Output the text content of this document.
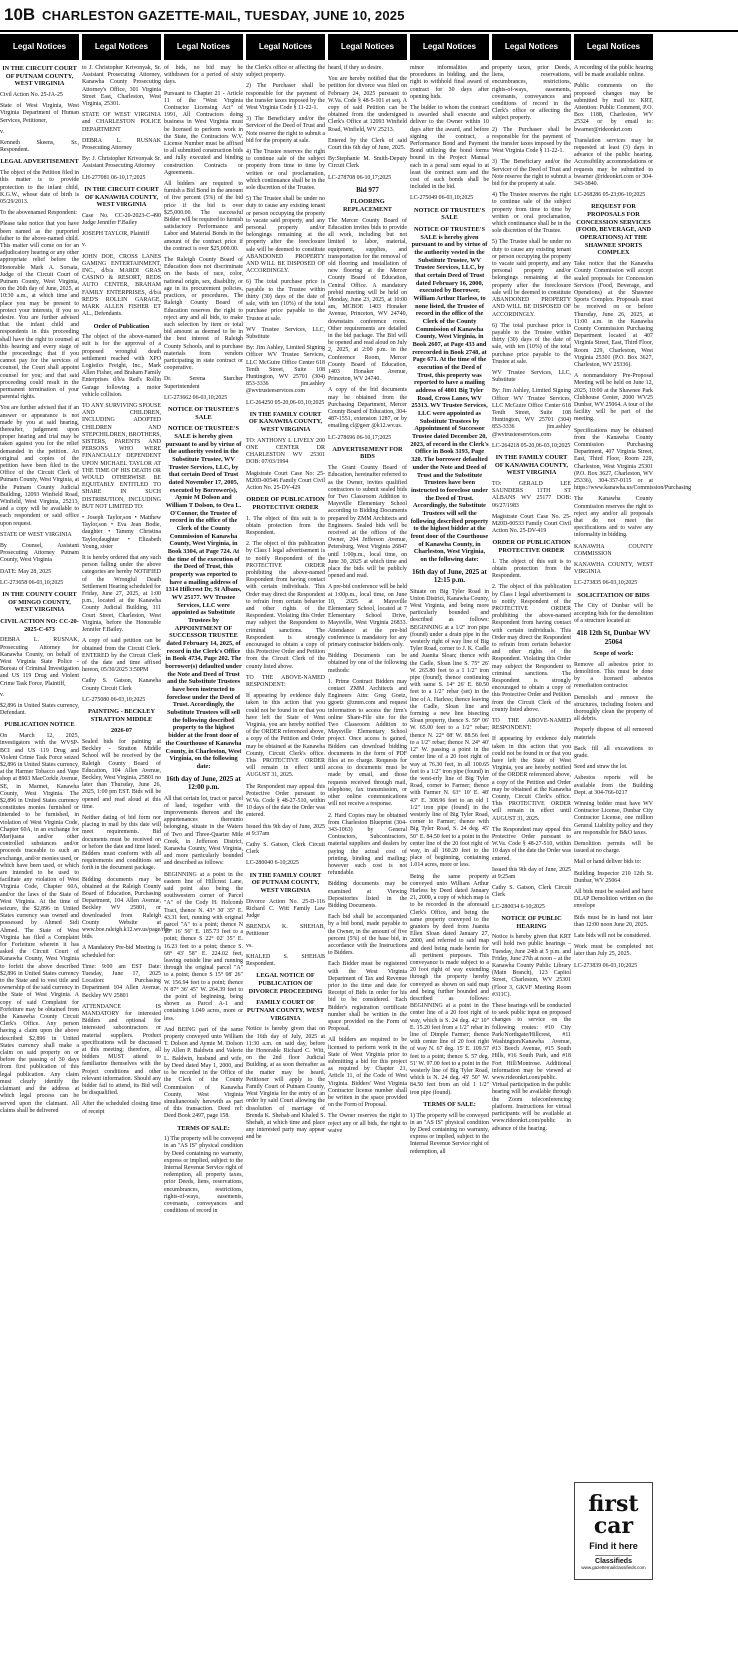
10B CHARLESTON GAZETTE-MAIL, TUESDAY, JUNE 10, 2025
Legal Notices

IN THE CIRCUIT COURT OF PUTNAM COUNTY, WEST VIRGINIA

Civil Action No. 25-JA-25

State of West Virginia, West Virginia Department of Human Services, Petitioner,

v.

Kenneth Skeens, Sr., Respondent.

LEGAL ADVERTISEMENT

The object of the Petition filed in this matter is to provide protection to the infant child, K.G.W., whose date of birth is 05/29/2013.

To the abovenamed Respondent:

Please take notice that you have been named as the purported father to the above-named child. This matter will come on for an adjudicatory hearing or any other appropriate relief before the Honorable Mark A. Sorsaia, Judge of the Circuit Court of Putnam County, West Virginia, on the 26th day of June, 2025, at 10:30 a.m., at which time and place you may be present to protect your interests, if you so desire. You are further advised that the infant child and respondents in this proceeding shall have the right to counsel at this hearing and every stage of the proceedings; that if you cannot pay for the services of counsel, the Court shall appoint counsel for you; and that said proceeding could result in the permanent termination of your parental rights.

You are further advised that if an answer or appearance is not made by you at said hearing, thereafter, judgement upon proper hearing and trial may be taken against you for the relief demanded in the petition. An original and copies of the petition have been filed in the Office of the Circuit Clerk of Putnam County, West Virginia, at the Putnam County Judicial Building, 12093 Winfield Road, Winfield, West Virginia, 25213, and a copy will be available to each respondent or said office upon request.

STATE OF WEST VIRGINIA

By Counsel, Assistant Prosecuting Attorney Putnam County, West Virginia

DATE: May 28, 2025

LC-273658 06-03,10;2025

IN THE COUNTY COURT OF MINGO COUNTY, WEST VIRGINIA

CIVIL ACTION NO: CC-20-2025-C-673

DEBRA L. RUSNAK, Prosecuting Attorney for Kanawha County, on behalf of West Virginia State Police - Bureau of Criminal Investigation and US 119 Drug and Violent Crime Task Force, Plaintiff,

v.

$2,896 in United States currency, Defendant.

PUBLICATION NOTICE

On March 12, 2025, investigators with the WVSP-BCI and US 119 Drug and Violent Crime Task Force seized $2,896 in United States currency, at the Harmer Tobacco and Vape shop at 8903 MacCorkle Avenue, SE, in Marmet, Kanawha County, West Virginia. The $2,896 in United States currency constitutes monies furnished or intended to be furnished, in violation of West Virginia Code, Chapter 60A, in an exchange for Marijuana and/or other controlled substances and/or proceeds traceable to such an exchange, and/or monies used, or which have been used, or which are intended to be used to facilitate any violation of West Virginia Code, Chapter 60A, and/or the laws of the State of West Virginia. At the time of seizure, the $2,896 in United States currency was owned and possessed by Ahmed Sidi Ahmed. The State of West Virginia has filed a Complaint for Forfeiture wherein it has asked the Circuit Court of Kanawha County, West Virginia to forfeit the above described $2,896 in United States currency to the State and to vest title and ownership of the said currency in the State of West Virginia. A copy of said Complaint for Forfeiture may be obtained from the Kanawha County Circuit Clerk's Office. Any person having a claim upon the above described $2,896 in United States currency shall make a claim on said property on or before the passing of 30 days from first publication of this legal publication. Any claim must clearly identify the claimant and the address at which legal process can be served upon the claimant. All claims shall be delivered

Legal Notices

to J. Christopher Krivonyak, Sr. Assistant Prosecuting Attorney, Kanawha County Prosecuting Attorney's Office, 301 Virginia Street East, Charleston, West Virginia, 25301.

STATE OF WEST VIRGINIA and CHARLESTON POLICE DEPARTMENT

DEBRA L. RUSNAK Prosecuting Attorney

By: J. Christopher Krivonyak Sr. Assistant Prosecuting Attorney

LH-277081 06-10,17;2025

IN THE CIRCUIT COURT OF KANAWHA COUNTY, WEST VIRGINIA

Case No. CC-20-2023-C-490 Judge Jennifer F.Bailey

JOSEPH TAYLOR, Plaintiff

v.

JOHN DOE, CROSS LANES GAMING ENTERTAINMENT, INC., d/b/a MARDI GRAS CASINO & RESORT, REDS AUTO CENTER, BRAHAM FAMILY ENTERPRISES, d/b/a RED'S ROLLIN GARAGE, MARK ALLEN FISHER ET AL., Defendants.

Order of Publication

The object of the above-named suit is for the approval of a proposed wrongful death settlement reached with XPO Logistics Freight, Inc., Mark Allen Fisher, and Braham Family Enterprises d/b/a Red's Rollin Garage following a motor vehicle collision.

TO ANY SURVIVING SPOUSE AND CHILDREN, INCLUDING ADOPTED CHILDREN AND STEPCHILDREN, BROTHERS, SISTERS, PARENTS AND PERSONS WHO WERE FINANCIALLY DEPENDENT UPON MICHAEL TAYLOR AT THE TIME OF HIS DEATH OR WOULD OTHERWISE BE EQUITABLY ENTITLED TO SHARE IN SUCH DISTRIBUTION, INCLUDING BUT NOT LIMITED TO:

• Joseph Taylor,son • Matthew Taylor,son • Eva Jean Bodie, daughter • Tammy Christina Taylor,daughter • Elizabeth Young, sister

It is hereby ordered that any such person falling under the above categories are hereby NOTIFIED of the Wrongful Death Settlement Hearing scheduled for Friday, June 27, 2025, at 1:00 p.m., located at the Kanawha County Judicial Building, 111 Court Street, Charleston, West Virginia, before the Honorable Jennifer F.Bailey.

A copy of said petition can be obtained from the Circuit Clerk. ENTERED by the Circuit Clerk of the date and time affixed hereon, 05/30/2025 3:50PM

Cathy S. Gatson, Kanawha County Circuit Clerk

LC-275080 06-03,10;2025

PAINTING - BECKLEY STRATTON MIDDLE

2026-07

Sealed bids for painting at Beckley - Stratton Middle School will be received by the Raleigh County Board of Education, 104 Allen Avenue, Beckley, West Virginia, 25801 no later than Thursday, June 26, 2025, 1:00 pm EST. Bids will be opened and read aloud at this time.

Neither dating of bid form nor placing in mail by this date will meet requirements. Bid documents must be received on or before the date and time listed. Bidders must conform with all requirements and conditions set forth in the document package.

Bidding documents may be obtained at the Raleigh County Board of Education, Purchasing Department, 104 Allen Avenue, Beckley WV 25801, or downloaded from Raleigh County Website at www.boe.raleigh.k12.wv.us/page/rfp-bids.

A Mandatory Pre-bid Meeting is scheduled for:

Time: 9:00 am EST Date: Tuesday, June 17, 2025 Location: Purchasing Department 104 Allen Avenue, Beckley WV 25801

ATTENDANCE IS MANDATORY for interested Bidders and optional for interested subcontractors or material suppliers. Product specifications will be discussed at this meeting; therefore, all bidders MUST attend to familiarize themselves with the Project conditions and other relevant information. Should any bidder fail to attend, its Bid will be disqualified.

After the scheduled closing time of receipt

Legal Notices

of bids, no bid may be withdrawn for a period of sixty days.

Pursuant to Chapter 21 - Article 11 of the "West Virginia Contractor Licensing Act" of 1991, All Contractors doing business in West Virginia must be licensed to perform work in the State, the Contractors W.V. License Number must be affixed to all submitted construction bids and fully executed and binding construction Contracts or Agreements.

All bidders are required to furnish a Bid Bond in the amount of five percent (5%) of the bid price if the bid is over $25,000.00. The successful Bidder will be required to furnish satisfactory Performance and Labor and Material Bonds in the amount of the contract price if the contract is over $25,000.00.

The Raleigh County Board of Education does not discriminate on the basis of race, color, national origin, sex, disability, or age in its procurement policies, practices, or procedures. The Raleigh County Board of Education reserves the right to reject any and all bids, to make such selection by item or total bid amount as deemed to be in the best interest of Raleigh County Schools, and to purchase materials from vendors participating in state contract or cooperative.

Dr. Serena Starcher Superintendent

LC-273662 06-03,10;2025

NOTICE OF TRUSTEE'S SALE

NOTICE OF TRUSTEE'S SALE is hereby given pursuant to and by virtue of the authority vested in the Substitute Trustee, WV Trustee Services, LLC, by that certain Deed of Trust dated November 17, 2005, executed by Borrower(s), Aymie M Dolson and William T Dolson, to Ora L. O'Connor, the Trustee of record in the office of the Clerk of the County Commission of Kanawha County, West Virginia, in Book 3304, at Page 724. At the time of the execution of the Deed of Trust, this property was reported to have a mailing address of 1314 Hillcrest Dr, St Albans, WV 25177. WV Trustee Services, LLC were appointed as Substitute Trustees by APPOINTMENT OF SUCCESSOR TRUSTEE dated February 14, 2025, of record in the Clerk's Office in Book 4734, Page 202. The borrower(s) defaulted under the Note and Deed of Trust and the Substitute Trustees have been instructed to foreclose under the Deed of Trust. Accordingly, the Substitute Trustees will sell the following described property to the highest bidder at the front door of the Courthouse of Kanawha County, in Charleston, West Virginia, on the following date:

16th day of June, 2025 at 12:00 p.m.

All that certain lot, tract or parcel of land, together with the improvements thereon and the appurtenances thereunto belonging, situate in the Waters of Two and Three-Quarter Mile Creek, in Jefferson District, Kanawha County, West Virginia, and more particularly bounded and described as follows:

BEGINNING at a point in the eastern line of Hillcrest Lane, said point also being the southwestern corner of Parcel "A" of the Cody H. Holcomb Tract, thence N. 43° 30' 35" E. 43.31 feet, running with original parcel "A" to a point; thence N 19° 16' 56" E. 185.73 feet to a point; thence S 22° 02' 35" E. 16.23 feet to a point; thence S. 68° 43' 58" E. 224.02 feet, leaving outside line and running through the original parcel "A" to a point; thence S 15° 08' 26" W. 156.94 feet to a point; thence N 87° 36' 45" W. 264.39 feet to the point of beginning, being shown as Parcel A-1 and containing 1.049 acres, more or less.

And BEING part of the same property conveyed unto William T. Dolson and Aymie M. Dolson by Allen P. Baldwin and Valerie L. Baldwin, husband and wife, by Deed dated May 1, 2000, and to be recorded in the Office of the Clerk of the County Commission of Kanawha County, West Virginia simultaneously herewith as part of this transaction. Deed ref: Deed Book 2497, page 158.

TERMS OF SALE:

1) The property will be conveyed in an "AS IS" physical condition by Deed containing no warranty, express or implied, subject to the Internal Revenue Service right of redemption, all property taxes, prior Deeds, liens, reservations, encumbrances, restrictions, rights-of-ways, easements, covenants, conveyances and conditions of record in

Legal Notices

the Clerk's office or affecting the subject property.

2) The Purchaser shall be responsible for the payment of the transfer taxes imposed by the West Virginia Code § 11-22-1.

3) The Beneficiary and/or the Servicer of the Deed of Trust and Note reserve the right to submit a bid for the property at sale.

4) The Trustee reserves the right to continue sale of the subject property from time to time by written or oral proclamation, which continuance shall be in the sole discretion of the Trustee.

5) The Trustee shall be under no duty to cause any existing tenant or person occupying the property to vacate said property, and any personal property and/or belongings remaining at the property after the foreclosure sale will be deemed to constitute ABANDONED PROPERTY AND WILL BE DISPOSED OF ACCORDINGLY.

6) The total purchase price is payable to the Trustee within thirty (30) days of the date of sale, with ten (10%) of the total purchase price payable to the Trustee at sale.

WV Trustee Services, LLC, Substitute

By: Jim Ashley, Limited Signing Officer WV Trustee Services, LLC McGuire Office Center 618 Tenth Street, Suite 108 Huntington, WV 25701 (304) 853-3336 jim.ashley @wvtrusteeservices.com

LC-264250 05-20,06-03,10;2025

IN THE FAMILY COURT OF KANAWHA COUNTY, WEST VIRGINIA

TO: ANTHONY L LIVELY 200 ONE CENTER DR CHARLESTON WV 25301 DOB: 07/03/1994

Magistrate Court Case No: 25-M20D-00546 Family Court Civil Action No. 25-DV-429

ORDER OF PUBLICATION PROTECTIVE ORDER

1. The object of this suit is to obtain protection from the Respondent.

2. The object of this publication by Class I legal advertisement is to notify Respondent of the PROTECTIVE ORDER prohibiting the above-named Respondent from having contact with certain individuals. This Order may direct the Respondent to refrain from certain behavior and other rights of the Respondent. Violating this Order may subject the Respondent to criminal sanctions. The Respondent is strongly encouraged to obtain a copy of this Protective Order and Petition from the Circuit Clerk of the county listed above.

TO THE ABOVE-NAMED RESPONDENT:

If appearing by evidence duly taken in this action that you could not be found in or that you have left the State of West Virginia, you are hereby notified of the ORDER referenced above, a copy of the Petition and Order may be obtained at the Kanawha County, Circuit Clerk's office. This PROTECTIVE ORDER will remain in effect until AUGUST 31, 2025.

The Respondent may appeal this Protective Order pursuant to W.Va. Code § 48-27-510, within 10 days of the date the Order was entered.

Issued this 9th day of June, 2025 at 9:37am

Cathy S. Gatson, Clerk Circuit Clerk

LC-280040 6-10;2025

IN THE FAMILY COURT OF PUTNAM COUNTY, WEST VIRGINIA

Divorce Action No. 25-D-116 Richard C. Witt Family Law Judge

BRENDA K. SHEHAB, Petitioner

vs.

KHALED S. SHEHAB Respondent.

LEGAL NOTICE OF PUBLICATION OF DIVORCE PROCEEDING

FAMILY COURT OF PUTNAM COUNTY, WEST VIRGINIA

Notice is hereby given that on the 16th day of July, 2025 at 11:30 a.m. on said day, before the Honorable Richard C. Witt, on the 2nd floor Judicial Building, at as soon thereafter as the matter may be heard, Petitioner will apply to the Family Court of Putnam County, West Virginia for the entry of an order by said Court allowing the dissolution of marriage of Brenda K. Shehab and Khaled S. Shehab, at which time and place any interested party may appear and be

Legal Notices

heard, if they so desire.

You are hereby notified that the petition for divorce was filed on February 24, 2025 pursuant to W.Va. Code § 48-5-101 et seq. A copy of said Petition can be obtained from the undersigned Clerk's Office at 12093 Winfield Road, Winfield, WV 25213.

Entered by the Clerk of said Court this 6th day of June, 2025.

By:Stephanie M. Smith-Deputy Circuit Clerk

LC-278708 06-10,17;2025

Bid 977

FLOORING REPLACEMENT

The Mercer County Board of Education invites bids to provide all work, including but not limited to labor, material, equipment, supplies, and transportation for the removal of old flooring and installation of new flooring at the Mercer County Board of Education, Central Office. A mandatory prebid meeting will be held on Monday, June 23, 2025, at 10:00 am, MCBOE 1403 Honaker Avenue, Princeton, WV 24740, downstairs conference room. Other requirements are detailed in the bid package. The Bid will be opened and read aloud on July 2, 2025, at 2:00 p.m. in the Conference Room, Mercer County Board of Education, 1403 Honaker Avenue, Princeton, WV 24740.

A copy of the bid documents may be obtained from the Purchasing Department, Mercer County Board of Education, 304-487-1551, extension 1287, or by emailing cl@geer @k12.wv.us.

LC-278696 06-10,17;2025

ADVERTISEMENT FOR BIDS

The Grant County Board of Education, hereinafter referred to as the Owner, invites qualified contractors to submit sealed bids for Two Classroom Addition to Maysville Elementary School according to Bidding Documents prepared by ZMM Architects and Engineers. Sealed bids will be received at the offices of the Owner, 204 Jefferson Avenue, Petersburg, West Virginia 26847 until 1:00p.m., local time, on June 30, 2025 at which time and place the bids will be publicly opened and read.

A pre-bid conference will be held at 1:00p.m., local time, on June 10, 2025 at Maysville Elementary School, located at 7 Elementary School Drive, Maysville, West Virginia 26833. Attendance at the pre-bid conference is mandatory for any primary contractor bidders only.

Bidding Documents can be obtained by one of the following methods:

1. Prime Contract Bidders may contact ZMM Architects and Engineers Attn: Greg Goetz, ggoetz @zmm.com and request information to access the firm's online Share-File site for the Two Classroom Addition to Maysville Elementary School project. Once access is gained, Bidders can download bidding documents in the form of PDF files at no charge. Requests for access to documents must be made by email, and those requests received through mail, telephone, fax transmission, or other online communications will not receive a response.

2. Hard Copies may be obtained from Charleston Blueprint (304-343-1063) by General Contractors, Subcontractors, material suppliers and dealers by paying the actual cost of printing, binding and mailing; however such cost is not refundable.

Bidding documents may be examined at Viewing Depositories listed in the Bidding Documents.

Each bid shall be accompanied by a bid bond, made payable to the Owner, in the amount of five percent (5%) of the base bid, in accordance with the Instructions to Bidders.

Each Bidder must be registered with the West Virginia Department of Tax and Revenue prior to the time and date for Receipt of Bids in order for his bid to be considered. Each Bidder's registration certificate number shall be written in the space provided on the Form of Proposal.

All bidders are required to be licensed to perform work in the State of West Virginia prior to submitting a bid for this project as required by Chapter 21, Article 11, of the Code of West Virginia. Bidders' West Virginia Contractor license number shall be written in the space provided on the Form of Proposal.

The Owner reserves the right to reject any or all bids, the right to waive

Legal Notices

minor informalities and procedures in bidding, and the right to withhold final award of contract for 30 days after opening bids.

The bidder to whom the contract is awarded shall execute and deliver to the Owner within 10 days after the award, and before signing the contract, a Performance Bond and Payment Bond utilizing the bond forms bound in the Project Manual each in a penal sum equal to at least the contract sum and the cost of such bonds shall be included in the bid.

LC-275049 06-03,10;2025

NOTICE OF TRUSTEE'S SALE

NOTICE OF TRUSTEE'S SALE is hereby given pursuant to and by virtue of the authority vested in the Substitute Trustee, WV Trustee Services, LLC, by that certain Deed of Trust dated February 16, 2000, executed by Borrower, William Arthur Harless, to none listed, the Trustee of record in the office of the Clerk of the County Commission of Kanawha County, West Virginia, in Book 2607, at Page 433 and rerecorded in Book 2748, at Page 671. At the time of the execution of the Deed of Trust, this property was reported to have a mailing address of 4801 Big Tyler Road, Cross Lanes, WV 25313. WV Trustee Services, LLC were appointed as Substitute Trustees by Appointment of Successor Trustee dated December 20, 2023, of record in the Clerk's Office in Book 3193, Page 320. The borrower defaulted under the Note and Deed of Trust and the Substitute Trustees have been instructed to foreclose under the Deed of Trust. Accordingly, the Substitute Trustees will sell the following described property to the highest bidder at the front door of the Courthouse of Kanawha County, in Charleston, West Virginia, on the following date:

16th day of June, 2025 at 12:15 p.m.

Situate on Big Tyler Road in Union District, Kanawha County, West Virginia, and being more particularly bounded and described as follows: BEGINNING at a 1/2" iron pipe (found) under a drain pipe in the westerly right of way line of Big Tyler Road, corner to J. K. Cadle and Juanita Sloan; thence with the Cadle, Sloan line S. 75° 26' W. 265.80 feet to a 1 1/2" iron pipe (found); thence continuing with same S. 14° 26' E. 80.50 feet to a 1/2" rebar (set) in the line of A. Harless; thence leaving the Cadle, Sloan line and forming a new line bisecting Sloan property, thence S. 59° 06' W. 65.00 feet to a 1/2" rebar; thence N. 22° 08' W. 88.56 feet to a 1/2" rebar; thence N. 24° 40' 12" W. passing a point in the center line of a 20 foot right of way at 76.30 feet, in all 100.65 feet to a 1/2" iron pipe (found) in the west-erly line of Big Tyler Road, corner to Farmer; thence with Farmer N. 63° 10' E. 48' 43" E. 308.96 feet to an old 1 1/2" iron pipe (found) in the westerly line of Big Tyler Road, corner to Farmer; thence with Big Tyler Road, S. 24 deg. 45' 50" E. 84.50 feet to a point in the center line of the 20 foot right of way, in all 160.20 feet to the place of beginning, containing 1.014 acres, more or less.

Being the same property conveyed unto William Arthur Harless by Deed dated January 21, 2000, a copy of which map is to be recorded in the aforesaid Clerk's Office, and being the same property conveyed to the grantors by deed from Juanita Ellen Sloan dated January 27, 2000, and referred to said map and deed being made herein for all pertinent purposes. This conveyance is made subject to a 20 foot right of way extending through the property hereby conveyed as shown on said map and being further bounded and described as follows: BEGINNING at a point in the center line of a 20 foot right of way, which is S. 24 deg. 42' 10" E. 15.20 feet from a 1/2" rebar in line of Dimple Farmer; thence with center line of 20 foot right of way N. 67 deg. 15' E. 109.57 feet to a point; thence S. 57 deg. 51' W. 97.00 feet to a point in the westerly line of Big Tyler Road, which is N. 24 deg. 45' 50" W. 84.50 feet from an old 1 1/2" iron pipe (found).

TERMS OF SALE:

1) The property will be conveyed in an "AS IS" physical condition by Deed containing no warranty, express or implied, subject to the Internal Revenue Service right of redemption, all

Legal Notices

property taxes, prior Deeds, liens, reservations, encumbrances, restrictions, rights-of-ways, easements, covenants, conveyances and conditions of record in the Clerk's office or affecting the subject property.

2) The Purchaser shall be responsible for the payment of the transfer taxes imposed by the West Virginia Code § 11-22-1.

3) The Beneficiary and/or the Servicer of the Deed of Trust and Note reserve the right to submit a bid for the property at sale.

4) The Trustee reserves the right to continue sale of the subject property from time to time by written or oral proclamation, which continuance shall be in the sole discretion of the Trustee.

5) The Trustee shall be under no duty to cause any existing tenant or person occupying the property to vacate said property, and any personal property and/or belongings remaining at the property after the foreclosure sale will be deemed to constitute ABANDONED PROPERTY AND WILL BE DISPOSED OF ACCORDINGLY.

6) The total purchase price is payable to the Trustee within thirty (30) days of the date of sale, with ten (10%) of the total purchase price payable to the Trustee at sale.

WV Trustee Services, LLC, Substitute

By: Jim Ashley, Limited Signing Officer WV Trustee Services, LLC McGuire Office Center 618 Tenth Street, Suite 108 Huntington, WV 25701 (304) 853-3336 jim.ashley @wvtrusteeservices.com

LC-264218 05-20,06-03,10;2025

IN THE FAMILY COURT OF KANAWHA COUNTY, WEST VIRGINIA

TO: GERALD LEE SAUNDERS 11TH ST ALBANS WV 25177 DOB: 06/27/1983

Magistrate Court Case No. 25-M20D-00533 Family Court Civil Action No. 25-DV-419

ORDER OF PUBLICATION PROTECTIVE ORDER

1. The object of this suit is to obtain protection from the Respondent.

2. The object of this publication by Class I legal advertisement is to notify Respondent of the PROTECTIVE ORDER prohibiting the above-named Respondent from having contact with certain individuals. This Order may direct the Respondent to refrain from certain behavior and other rights of the Respondent. Violating this Order may subject the Respondent to criminal sanctions. The Respondent is strongly encouraged to obtain a copy of this Protective Order and Petition from the Circuit Clerk of the county listed above.

TO THE ABOVE-NAMED RESPONDENT:

If appearing by evidence duly taken in this action that you could not be found in or that you have left the State of West Virginia, you are hereby notified of the ORDER referenced above, a copy of the Petition and Order may be obtained at the Kanawha County, Circuit Clerk's office. This PROTECTIVE ORDER will remain in effect until AUGUST 31, 2025.

The Respondent may appeal this Protective Order pursuant to W.Va. Code § 48-27-510, within 10 days of the date the Order was entered.

Issued this 9th day of June, 2025 at 9:25am

Cathy S. Gatson, Clerk Circuit Clerk

LC-280034 6-10;2025

NOTICE OF PUBLIC HEARING

Notice is hereby given that KRT will hold two public hearings – Tuesday, June 24th at 5 p.m. and Friday, June 27th at noon – at the Kanawha County Public Library (Main Branch), 123 Capitol Street, Charleston, WV 25301 (Floor 3, GKVF Meeting Room #311C).

These hearings will be conducted to seek public input on proposed changes to service on the following routes: #10 City Park/Northgate/Hillcrest, #11 Washington/Kanawha Avenue, #13 Beech Avenue, #15 South Hills, #16 South Park, and #18 Fort Hill/Montrose. Additional information may be viewed at www.rideonkrt.com/public. Virtual participation in the public hearing will be available through the Zoom teleconferencing platform. Instructions for virtual participants will be available at www.rideonkrt.com/public in advance of the hearing.

Legal Notices

A recording of the public hearing will be made available online.

Public comments on the proposed changes may be submitted by mail to: KRT, Attention: Public Comment, P.O. Box 1188, Charleston, WV 25324 or by email to: bwarner@rideonkrt.com

Translation services may be requested at least (3) days in advance of the public hearing. Accessibility accommodations or requests may be submitted to bwarner @rideonkrt.com or 304-343-3840.

LC-268286 05-23;06-10;2025

REQUEST FOR PROPOSALS FOR CONCESSION SERVICES (FOOD, BEVERAGE, AND OPERATIONS) AT THE SHAWNEE SPORTS COMPLEX

Take notice that the Kanawha County Commission will accept sealed proposals for Concession Services (Food, Beverage, and Operations) at the Shawnee Sports Complex. Proposals must be received on or before Thursday, June 26, 2025, at 11:00 a.m. in the Kanawha County Commission Purchasing Department located at 407 Virginia Street, East, Third Floor, Room 229, Charleston, West Virginia 25301 (P.O. Box 3627, Charleston, WV 25336).

A nonmandatory Pre-Proposal Meeting will be held on June 12, 2025, 10:00 at the Shawnee Park Clubhouse Center, 2000 WV25 Dunbar, WV 25064. A tour of the facility will be part of the meeting.

Specifications may be obtained from the Kanawha County Commission Purchasing Department, 407 Virginia Street, East, Third Floor, Room 229, Charleston, West Virginia 25301 (P.O. Box 3627, Charleston, WV 25336), 304-357-0115 or at https://www.kanawha.us/Commission/Purchasing

The Kanawha County Commission reserves the right to reject any and/or all proposals that do not meet the specifications and to waive any informality in bidding.

KANAWHA COUNTY COMMISSION

KANAWHA COUNTY, WEST VIRGINIA

LC-273835 06-03,10;2025

SOLICITATION OF BIDS

The City of Dunbar will be accepting bids for the demolition of a structure located at:

418 12th St, Dunbar WV 25064

Scope of work:

Remove all asbestos prior to demolition. This must be done by a licensed asbestos remediation contractor.

Demolish and remove the structures, including footers and thoroughly clean the property of all debris.

Properly dispose of all removed materials

Back fill all excavations to grade.

Seed and straw the lot.

Asbestos reports will be available from the Building Dept. at 304-766-0217

Winning bidder must have WV Contractor License, Dunbar City Contractor License, one million General Liability policy and they are responsible for B&O taxes.

Demolition permits will be issued at no charge.

Mail or hand deliver bids to:

Building Inspector 210 12th St. Dunbar, WV 25064

All bids must be sealed and have DLAP Demolition written on the envelope

Bids must be in hand not later than 12:00 noon June 20, 2025.

Late bids will not be considered.

Work must be completed not later than July 25, 2025.

LC-273839 06-03,10;2025

first
car
Find it here
Classifieds
www.gazettemailclassifieds.com
